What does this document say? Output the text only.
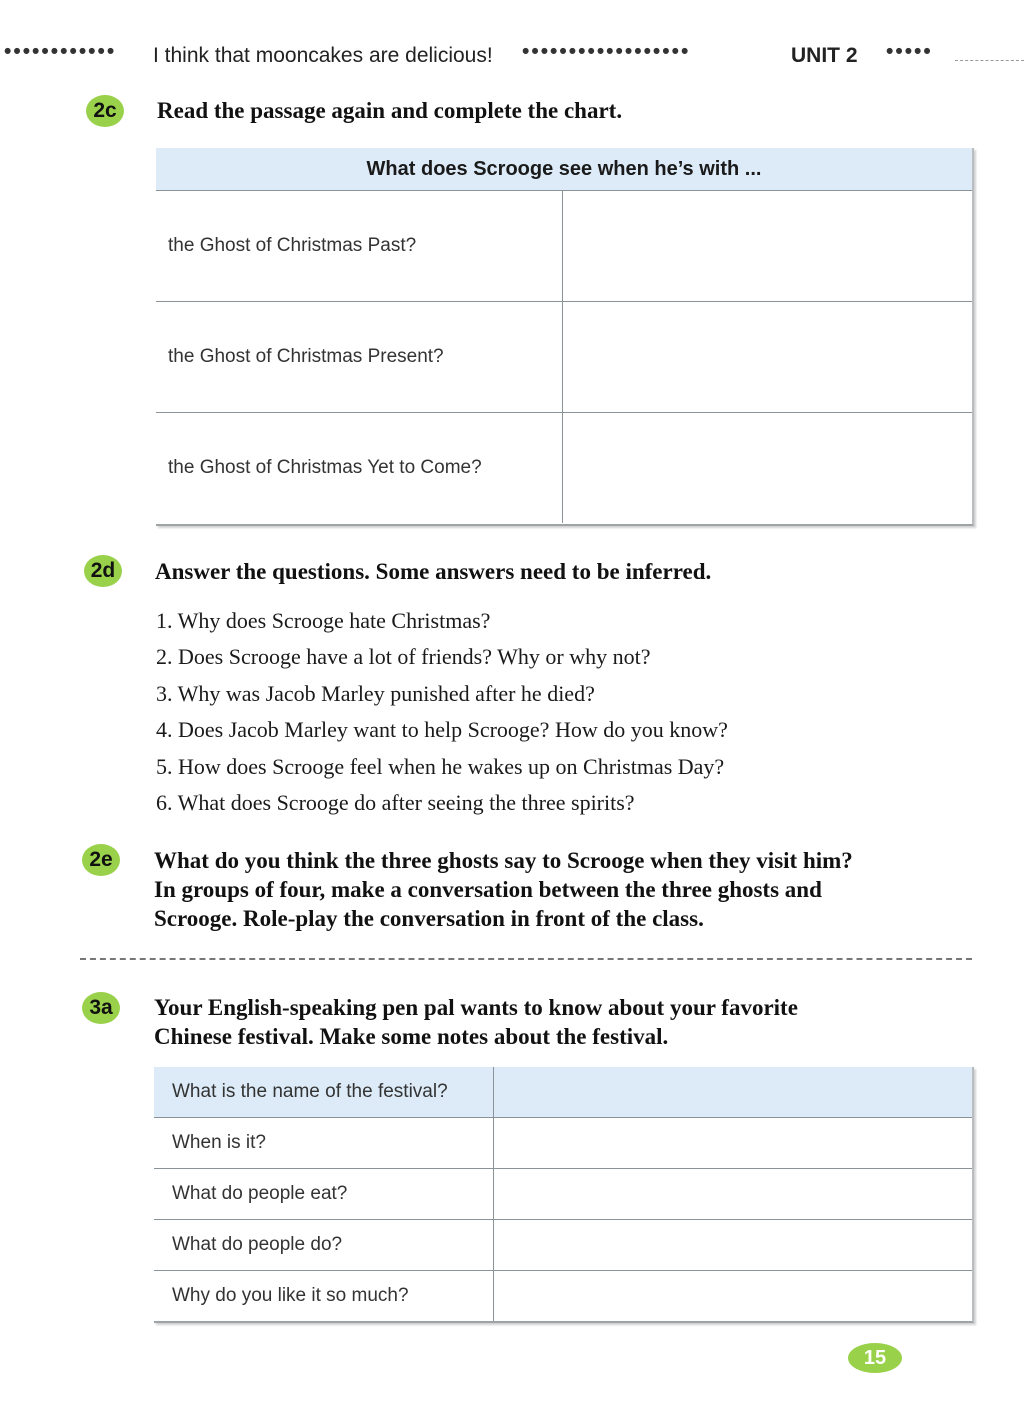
•••••••••••• I think that mooncakes are delicious! ••••••••••••••••••	UNIT 2 •••••
2c	Read the passage again and complete the chart.
What does Scrooge see when he’s with ...
the Ghost of Christmas Past?
the Ghost of Christmas Present?
the Ghost of Christmas Yet to Come?
2d Answer the questions. Some answers need to be inferred.
1. Why does Scrooge hate Christmas?
2. Does Scrooge have a lot of friends? Why or why not?
3. Why was Jacob Marley punished after he died?
4. Does Jacob Marley want to help Scrooge? How do you know?
5. How does Scrooge feel when he wakes up on Christmas Day?
6. What does Scrooge do after seeing the three spirits?
2e	What do you think the three ghosts say to Scrooge when they visit him?
In groups of four, make a conversation between the three ghosts and
Scrooge. Role-play the conversation in front of the class.
3a	Your English-speaking pen pal wants to know about your favorite
Chinese festival. Make some notes about the festival.
What is the name of the festival?
When is it?
What do people eat?
What do people do?
Why do you like it so much?
15
